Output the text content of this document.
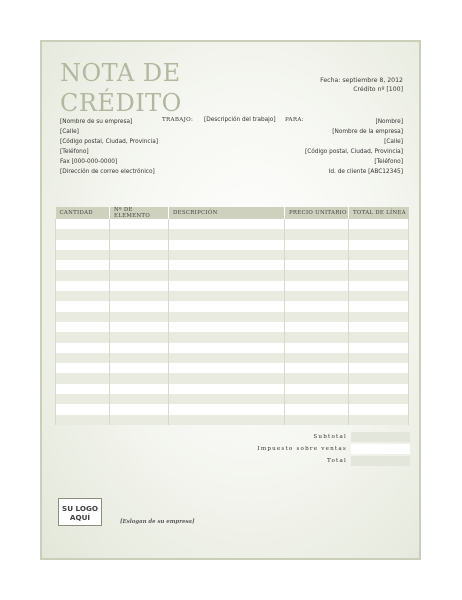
NOTA DE
CRÉDITO
Fecha: septiembre 8, 2012
Crédito nº [100]
[Nombre de su empresa]
[Calle]
[Código postal, Ciudad, Provincia]
[Teléfono]
Fax [000-000-0000]
[Dirección de correo electrónico]
TRABAJO: [Descripción del trabajo] PARA:	[Nombre]
[Nombre de la empresa]
[Calle]
[Código postal, Ciudad, Provincia]
[Teléfono]
Id. de cliente [ABC12345]
CANTIDAD	Nº DE ELEMENTO	DESCRIPCIÓN	PRECIO UNITARIO	TOTAL DE LÍNEA

Subtotal
Impuesto sobre ventas
Total
SU LOGO
AQUÍ	[Eslogan de su empresa]
